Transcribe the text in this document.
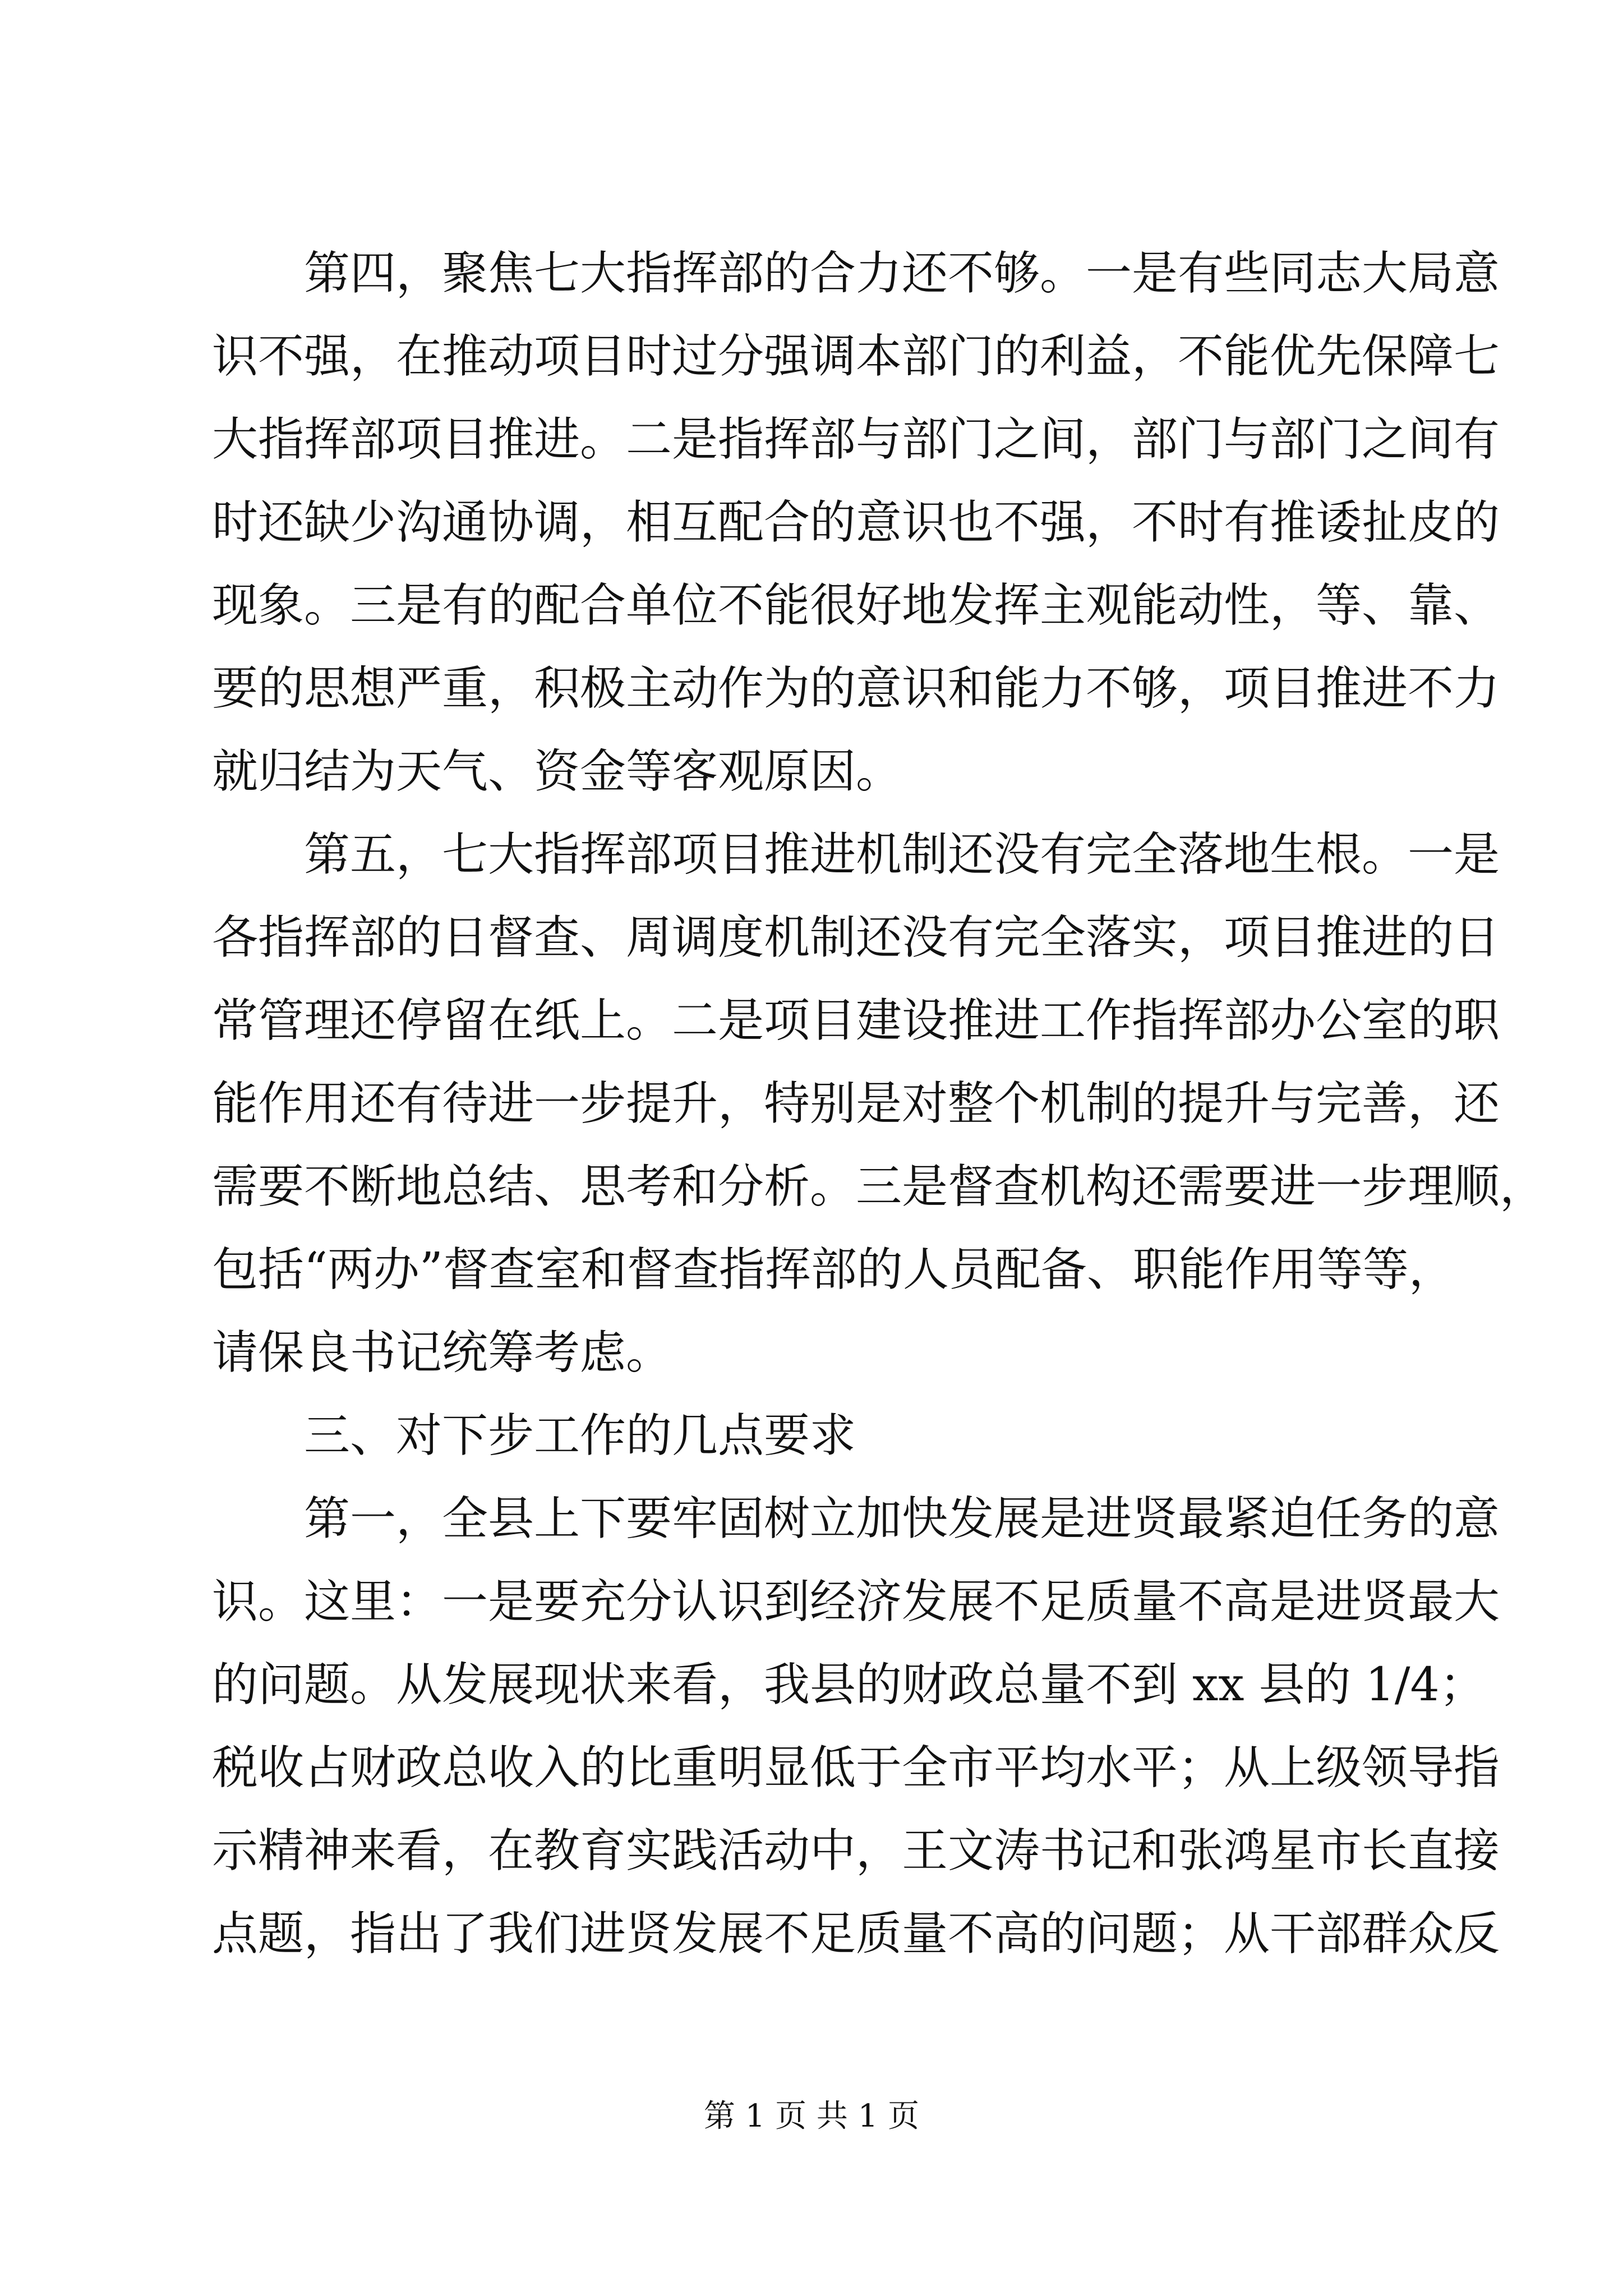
第四，聚焦七大指挥部的合力还不够。一是有些同志大局意
识不强，在推动项目时过分强调本部门的利益，不能优先保障七
大指挥部项目推进。二是指挥部与部门之间，部门与部门之间有
时还缺少沟通协调，相互配合的意识也不强，不时有推诿扯皮的
现象。三是有的配合单位不能很好地发挥主观能动性，等、靠、
要的思想严重，积极主动作为的意识和能力不够，项目推进不力
就归结为天气、资金等客观原因。
第五，七大指挥部项目推进机制还没有完全落地生根。一是
各指挥部的日督查、周调度机制还没有完全落实，项目推进的日
常管理还停留在纸上。二是项目建设推进工作指挥部办公室的职
能作用还有待进一步提升，特别是对整个机制的提升与完善，还
需要不断地总结、思考和分析。三是督查机构还需要进一步理顺，
包括“两办”督查室和督查指挥部的人员配备、职能作用等等，
请保良书记统筹考虑。
三、对下步工作的几点要求
第一，全县上下要牢固树立加快发展是进贤最紧迫任务的意
识。这里：一是要充分认识到经济发展不足质量不高是进贤最大
的问题。从发展现状来看，我县的财政总量不到 xx 县的 1/4；
税收占财政总收入的比重明显低于全市平均水平；从上级领导指
示精神来看，在教育实践活动中，王文涛书记和张鸿星市长直接
点题，指出了我们进贤发展不足质量不高的问题；从干部群众反
第 1 页 共 1 页
